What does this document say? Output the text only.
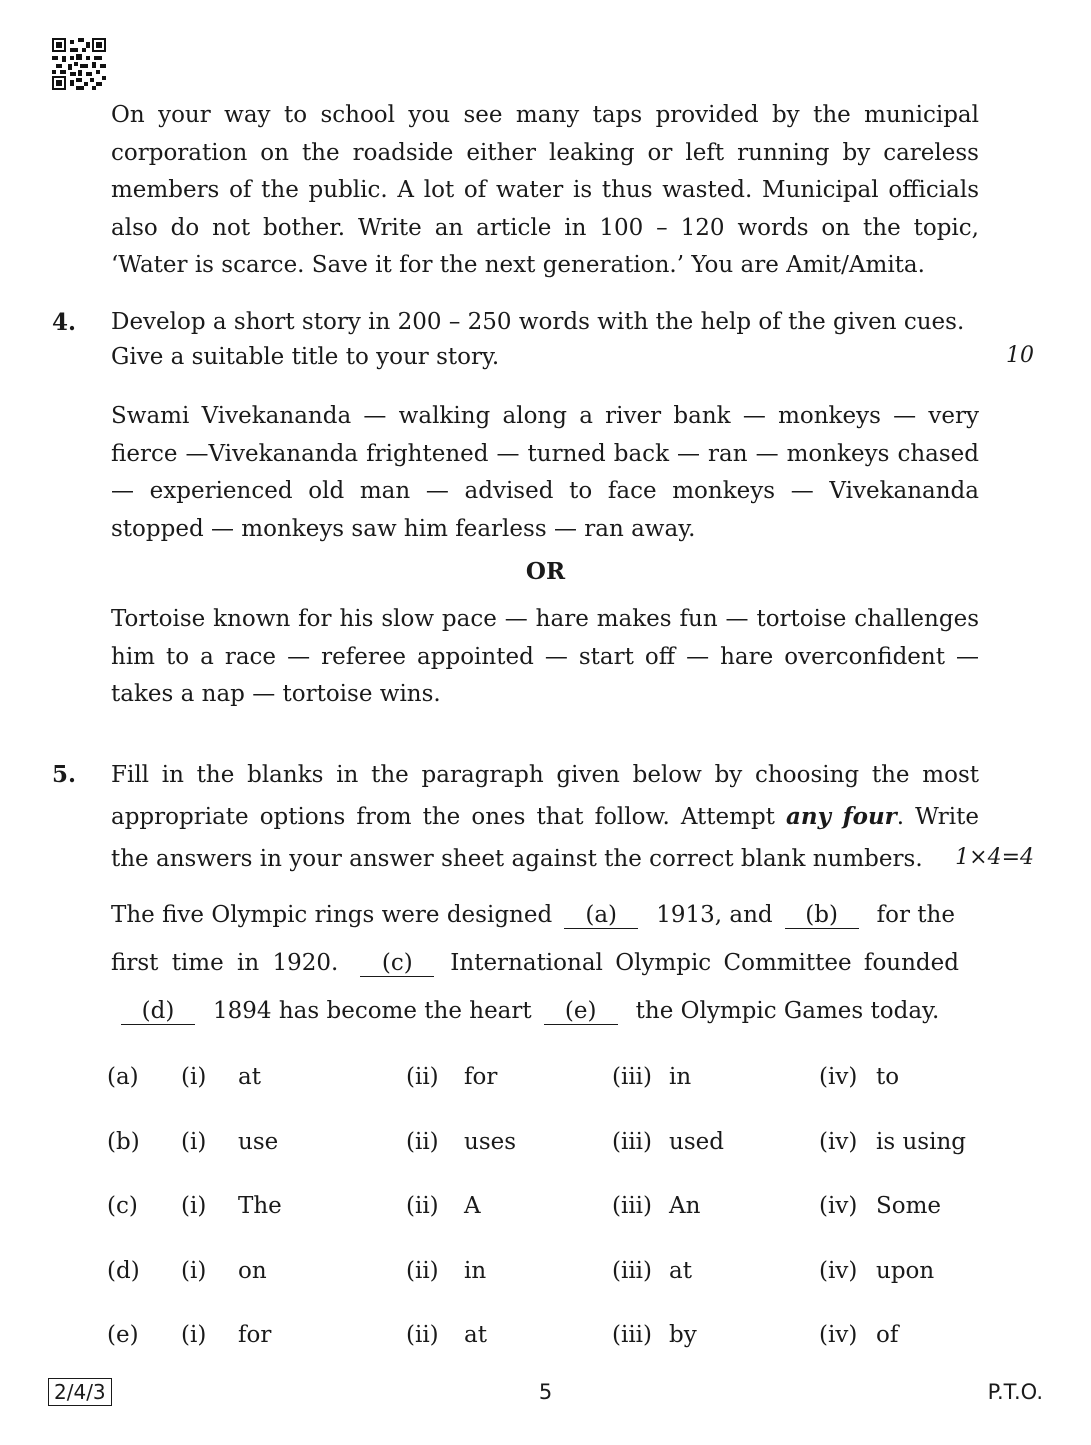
On your way to school you see many taps provided by the municipal corporation on the roadside either leaking or left running by careless members of the public. A lot of water is thus wasted. Municipal officials also do not bother. Write an article in 100 – 120 words on the topic, ‘Water is scarce. Save it for the next generation.’ You are Amit/Amita.

4. Develop a short story in 200 – 250 words with the help of the given cues.
Give a suitable title to your story.	10

Swami Vivekananda — walking along a river bank — monkeys — very fierce —Vivekananda frightened — turned back — ran — monkeys chased — experienced old man — advised to face monkeys — Vivekananda stopped — monkeys saw him fearless — ran away.

OR

Tortoise known for his slow pace — hare makes fun — tortoise challenges him to a race — referee appointed — start off — hare overconfident — takes a nap — tortoise wins.

5. Fill in the blanks in the paragraph given below by choosing the most appropriate options from the ones that follow. Attempt any four. Write the answers in your answer sheet against the correct blank numbers.	1×4=4
The five Olympic rings were designed (a) 1913, and (b) for the
first time in 1920.	(c)	International Olympic Committee founded
(d) 1894 has become the heart (e) the Olympic Games today.
(a) (i) at	(ii) for	(iii) in	(iv) to
(b) (i) use	(ii) uses	(iii) used	(iv) is using
(c) (i) The	(ii) A	(iii) An	(iv) Some
(d) (i) on	(ii) in	(iii) at	(iv) upon
(e) (i) for	(ii) at	(iii) by	(iv) of
2/4/3	5	P.T.O.
